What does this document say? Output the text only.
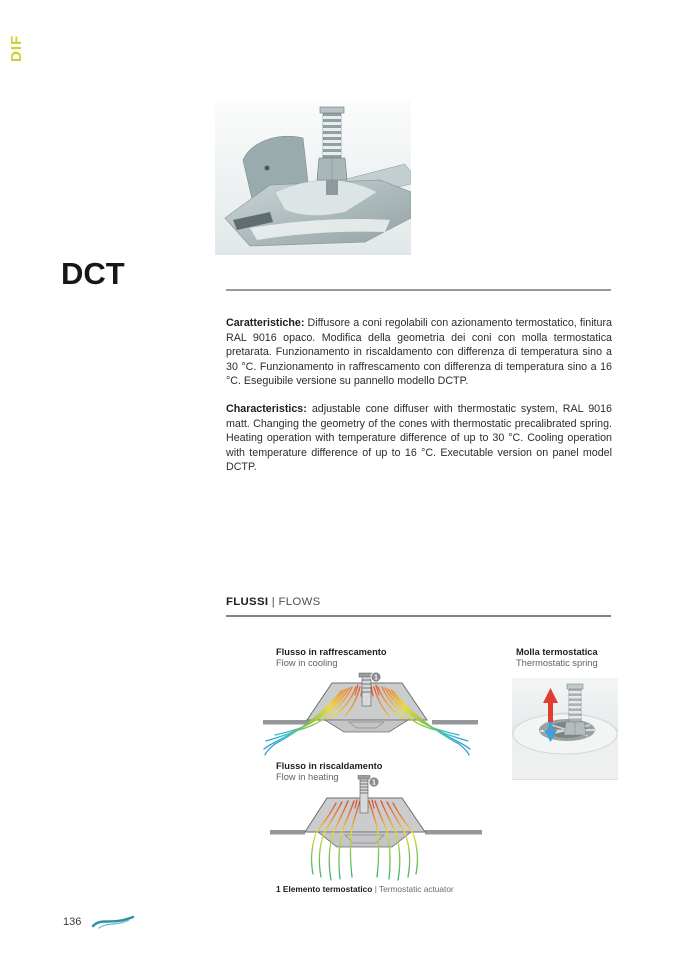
DIF
DCT
Caratteristiche: Diffusore a coni regolabili con azionamento termostatico, finitura RAL 9016 opaco. Modifica della geometria dei coni con molla termostatica pretarata. Funzionamento in riscaldamento con differenza di temperatura sino a 30 °C. Funzionamento in raffrescamento con differenza di temperatura sino a 16 °C. Eseguibile versione su pannello modello DCTP.
Characteristics: adjustable cone diffuser with thermostatic system, RAL 9016 matt. Changing the geometry of the cones with thermostatic precalibrated spring. Heating operation with temperature difference of up to 30 °C. Cooling operation with temperature difference of up to 16 °C. Executable version on panel model DCTP.
FLUSSI | FLOWS
Flusso in raffrescamento
Flow in cooling
1
Flusso in riscaldamento
Flow in heating
1
Molla termostatica
Thermostatic spring
1 Elemento termostatico | Termostatic actuator
136
